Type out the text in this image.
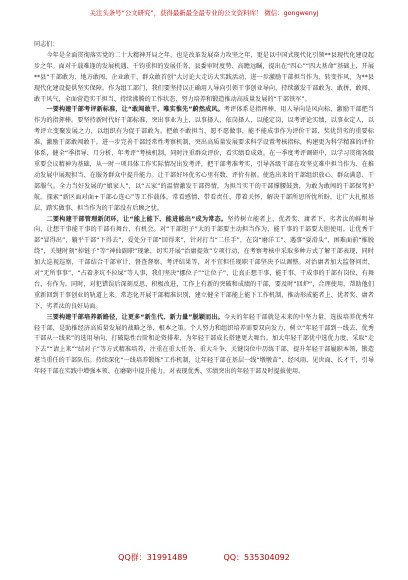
关注头条号“公文研究”，获得最新最全最专业的公文资料库！ 微信：gongwenyj

同志们：

今年是全面贯彻落实党的二十大精神开局之年，也是改革发展奋力攻坚之年，更是以中国式现代化引领**县现代化建设起步之年。面对千载难逢的发展机遇、千钧重担的发展任务，县委审时度势、高瞻远瞩，提出在“四心”“四大基命”基础上，开展**县“干部敢为、地方敢闯、企业敢干、群众敢首创”大讨论大走访大实践活动，进一步激励干部担当作为、转变作风，为**县现代化建设提供坚实保障。作为组工部门，我们要坚持以正确用人导向引领干事创业导向，持续激发干部敢为、敢拼、敢闯、敢干风气，全面营造实干担当、持续沸腾的工作状态，努力培养和锻造推动高质量发展的“干部铁军”。

一要构建干部考评新标准，让“敢闯敢干、唯实惟先”蔚然成风。考评体系是指挥棒，用人导向是风向标，激励干部把当作为的指挥棒。要坚持新时代好干部标准，突出事业为上，以事择人，依岗择人，以能定岗，以考评论实绩，以事业定人，以考评立变聚发展之力，以组织有为促干部敢为。把敢不敢担当、愿不愿做事，能不能成事作为评价干部、奖优罚劣的重要标准，激励干部敢闯敢干。进一步完善干部经常性考察机制，突出高质量发展要求科学设置考核指标，构建更为科学精准的评价体系，健全“季指导、月分析、年考评”考核机制，同时注重群众评价，看实绩看成效。在一季度考评调研中，以学习贯彻各级重要会议精神为基础，从一时一项具体工作实际情况出发考评，把干部考准考实，引导各级干部在攻坚克难中担当作为、在推动发展中展现担当、在服务群众中提升能力。让干部好坏优劣心里有数、评价有据。使选出来的干部组织放心、群众满意、干部服气。全力当好发展的“娘家人”，以“五家”的温情激发干部热情，为担当实干的干部撑腰鼓劲，为敢为敢闯的干部保驾护航。探索“新区面对面+干部心连心”等工作载体，常看感情、带看责任、带着关怀，解决干部所思所忧所盼，让广大扎根基层、踏实做事、担当作为的干部没有后顾之忧。

二要构建干部管理新闭环，让“能上能下、能进能出”成为常态。坚持树立能者上、优者奖、庸者下、劣者汰的鲜明导向，让想干事能干事的干部有舞台、有机会。对“干部胆子”大的干部要主动担当作为，能干事的干部要大胆使用。让优秀干部“冒得出”、躺平干部“下得去”，爱处分干部“回得来”，针对打当“二任手”，在岗“磨洋工”、遇事“耍滑头”，困难面前“推脱绕”，关键时刻“掉链子”等“神仙副职”现象，切实开展“治庸提效”专项行动，在考察考核中采取多种方式了解干部表现，同时加大巡视巡察，干部结合干部审计、督查督察、考评结果等，对不宜担任现职干部坚决予以调整。对治庸者加大监督问责，对“无所事事”、“占着茅坑不拉屎”等人事，我们坚决“挪位子”“让位子”，让真正想干事、能干事、干成事的干部有岗位、有舞台、有作为。同时，对犯错误后深刻反思、积极改进、工作上有新的突破和成绩的干部，要及时“回炉”，合理使用，帮助他们重新回到干事创业的轨道上来。常态化开展干部精准识别，建立健全干部能上能下工作机制，推动形成能者上、优者奖、庸者下、劣者汰的良好局面。

三要构建干部培养新路径，让更多“新生代、新力量”脱颖而出。今天的年轻干部就是未来的中坚力量，选拔培养优秀年轻干部，是助推经济高质量发展的战略之举，根本之策。个人努力和组织培养需要双向发力，树立“年轻干部到一线去、优秀干部从一线来”的选用导向，打破隐性台阶和论资排辈，为年轻干部成长搭建更大舞台。加大年轻干部优中选优力度，采取“走下去”“请上来”“结对子”等方式精准培养，注重在重大任务、重大斗争、关键岗位中历练干部，提升年轻干部履职本领，锻造堪当重任的干部队伍。持续深化“一线培养锻炼”工作机制，让年轻干部在基层一线“墩墩苗”、经风雨、见世面、长才干，引导年轻干部在实践中增强本领、在磨砺中提升能力，对表现优秀、实绩突出的年轻干部及时提拔使用。

QQ群：31991489	QQ：535304092
